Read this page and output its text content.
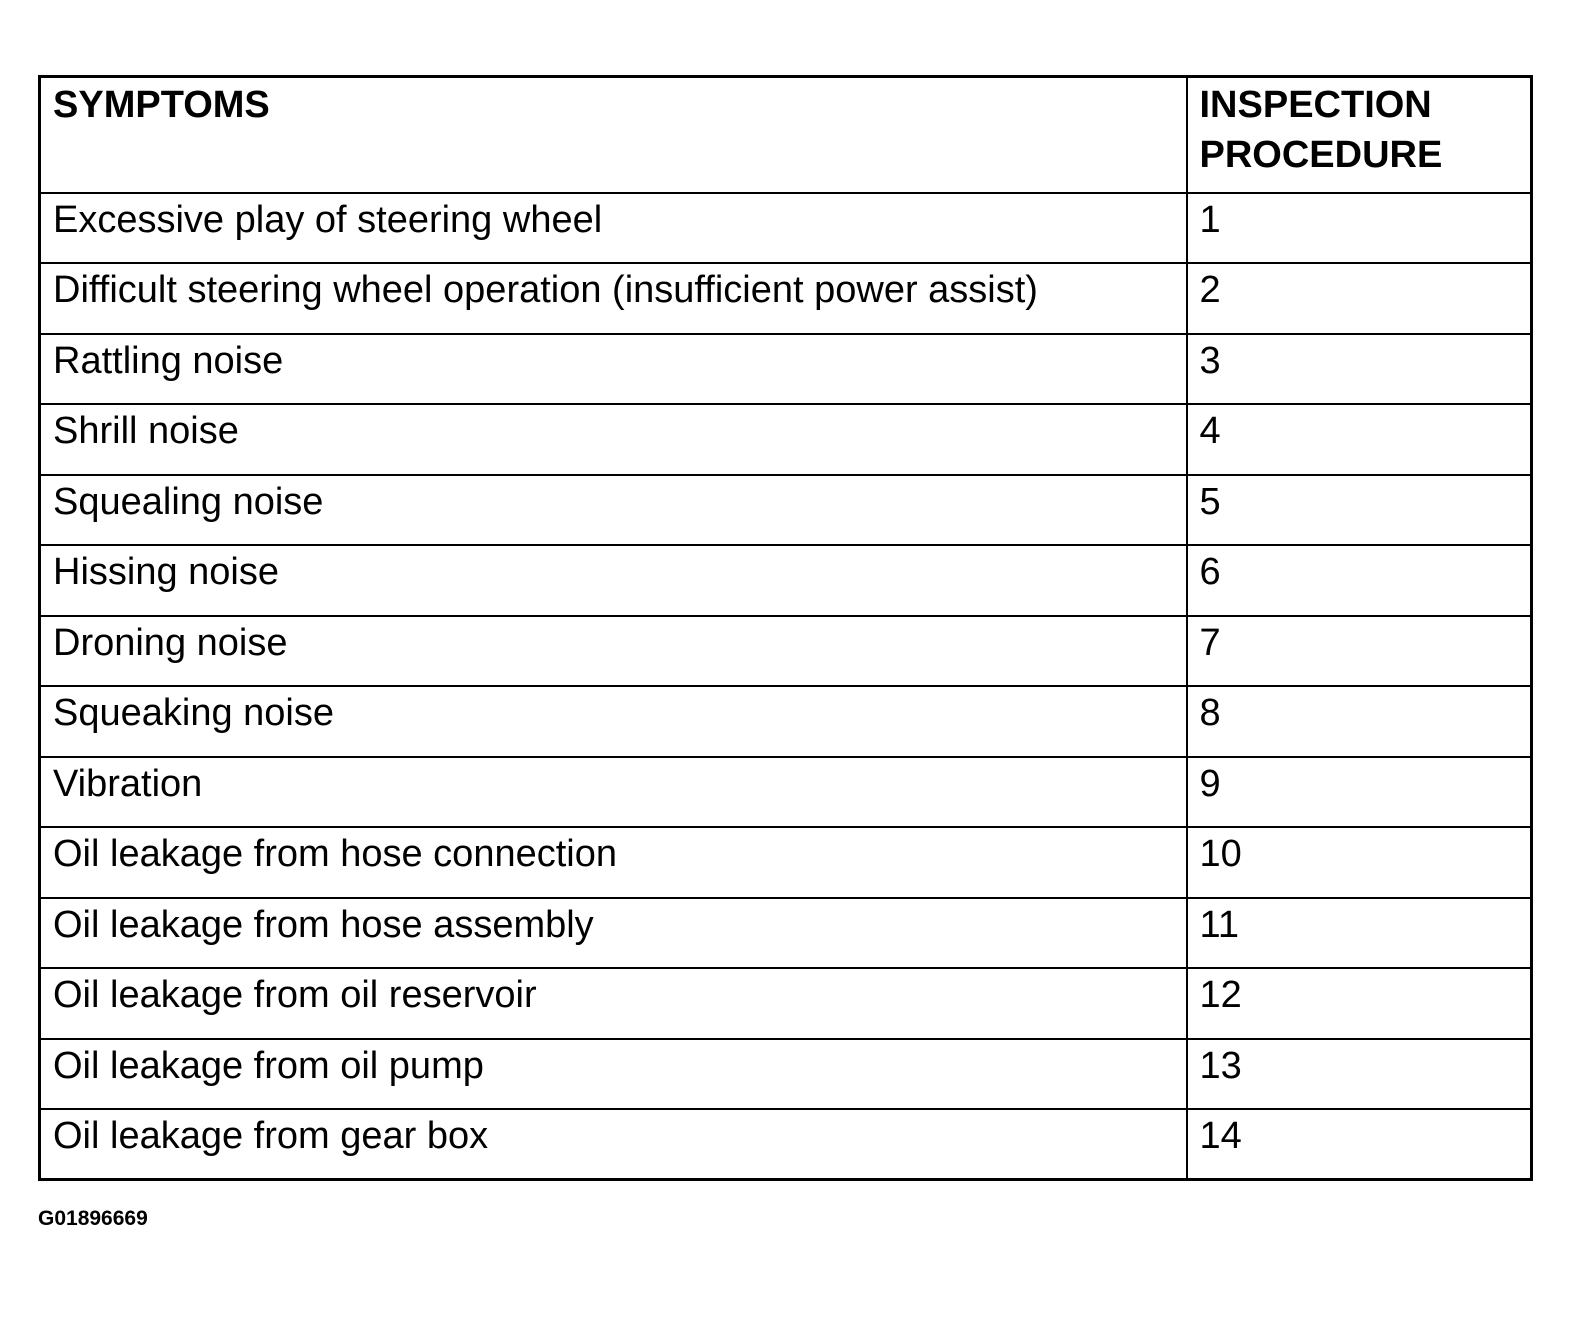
SYMPTOMS	INSPECTION
PROCEDURE

Excessive play of steering wheel	1
Difficult steering wheel operation (insufficient power assist)	2
Rattling noise	3
Shrill noise	4
Squealing noise	5
Hissing noise	6
Droning noise	7
Squeaking noise	8
Vibration	9
Oil leakage from hose connection	10
Oil leakage from hose assembly	11
Oil leakage from oil reservoir	12
Oil leakage from oil pump	13
Oil leakage from gear box	14
G01896669
